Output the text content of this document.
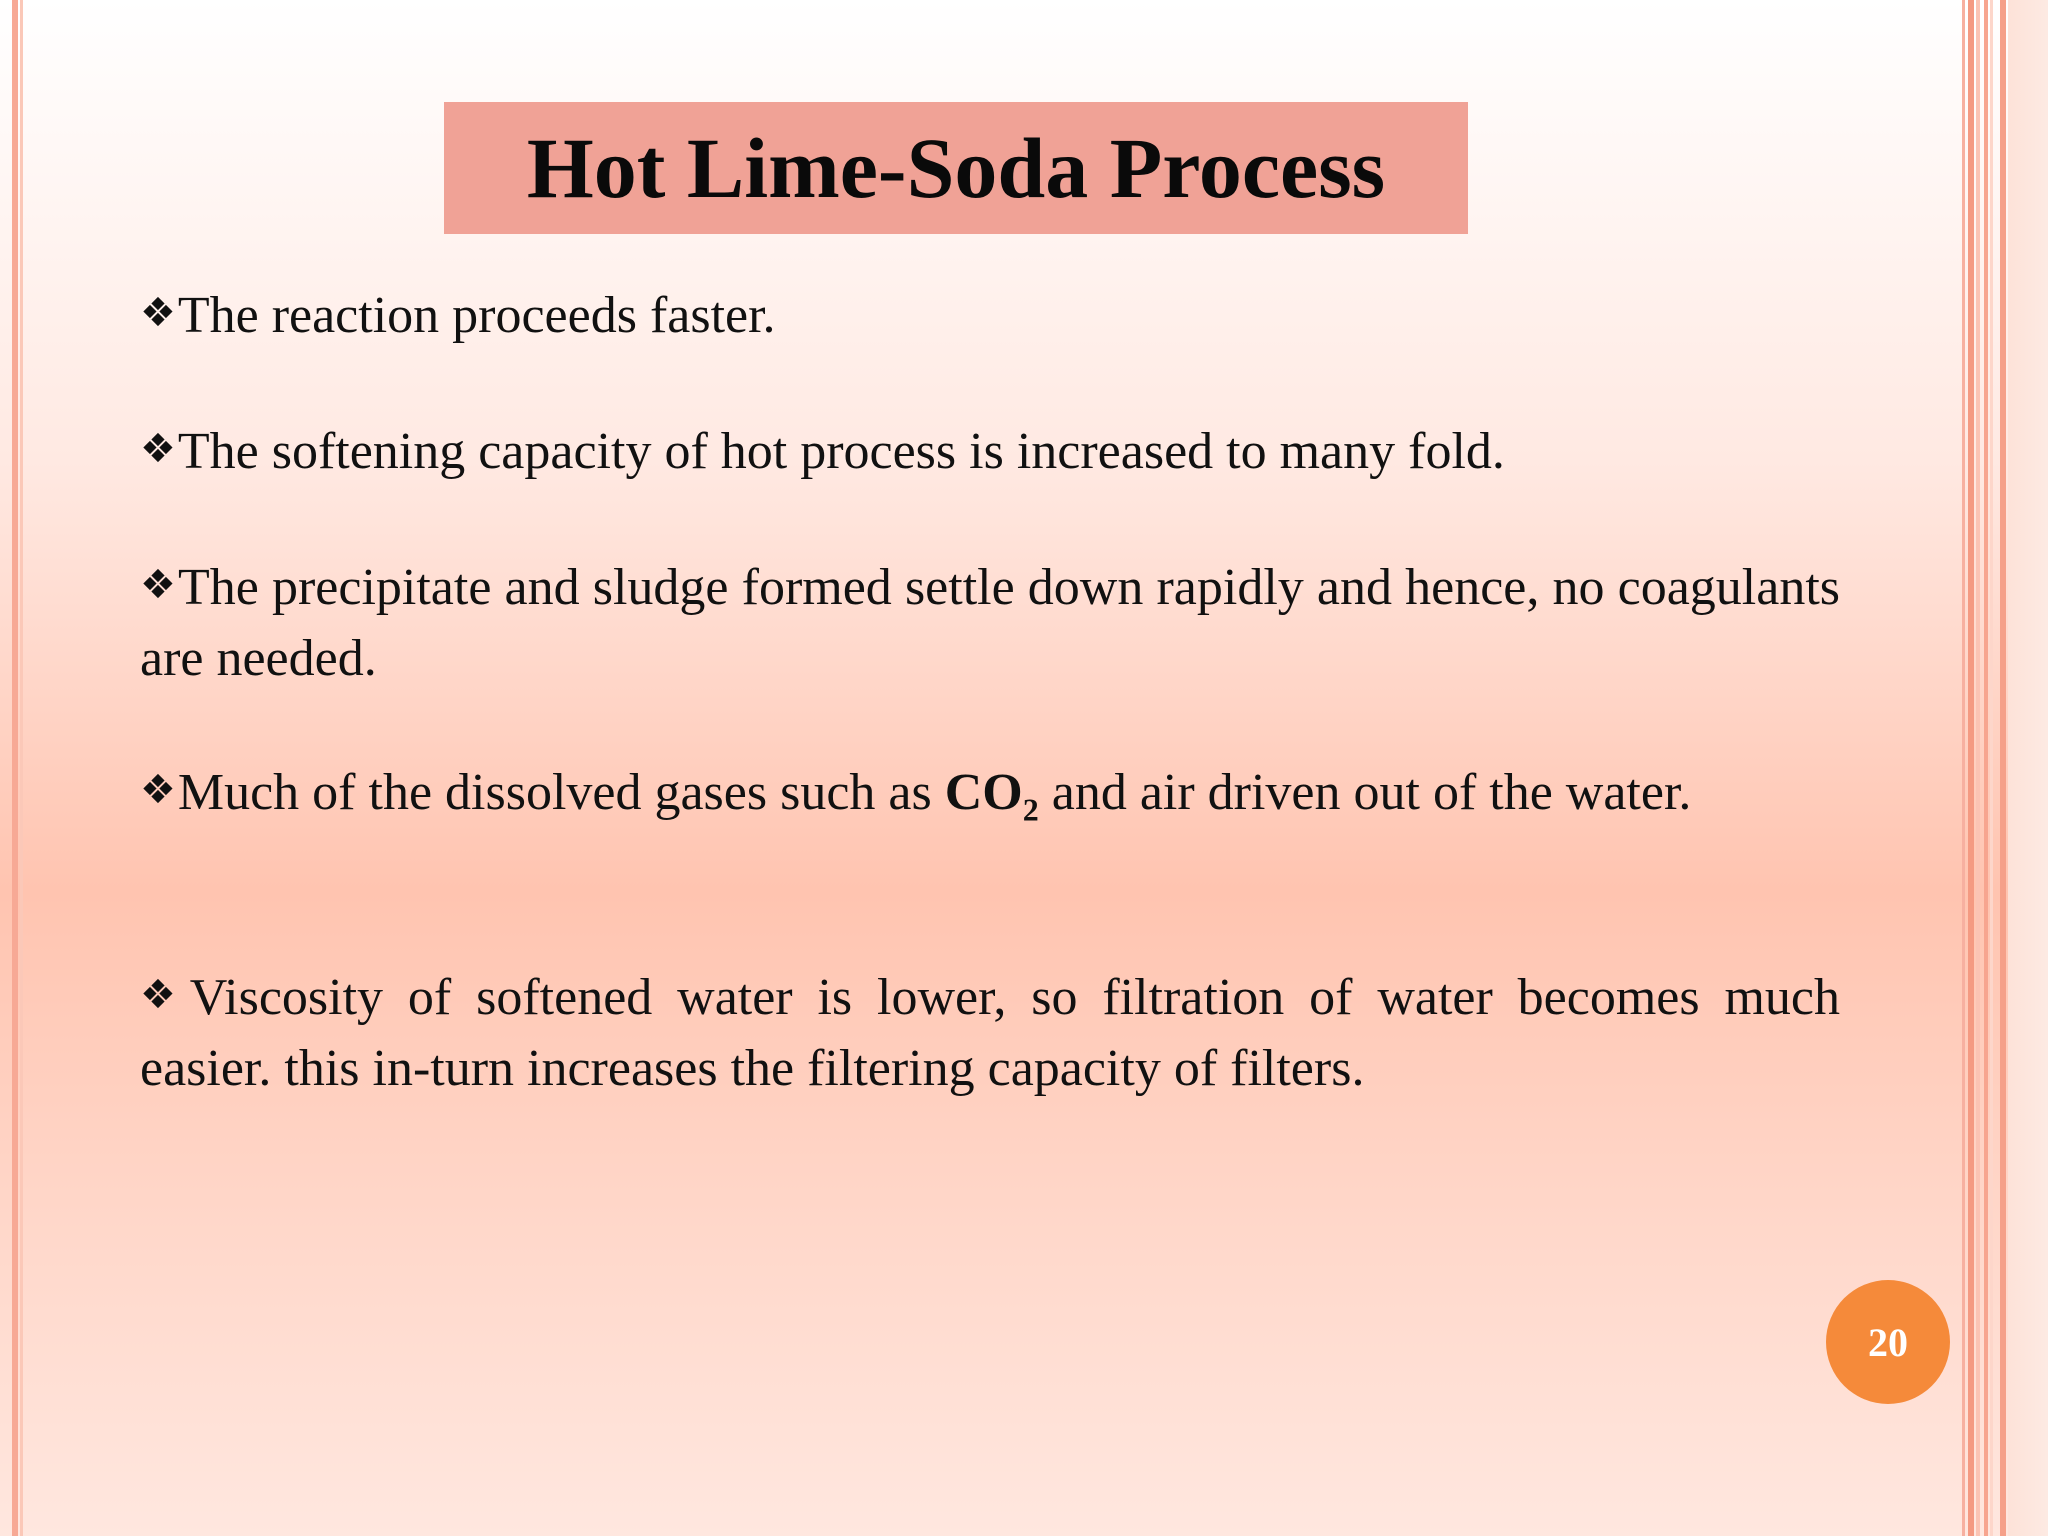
Hot Lime-Soda Process

❖The reaction proceeds faster.

❖The softening capacity of hot process is increased to many fold.

❖The precipitate and sludge formed settle down rapidly and hence, no coagulants are needed.

❖Much of the dissolved gases such as $CO_2$ and air driven out of the water.

❖Viscosity of softened water is lower, so filtration of water becomes much easier. this in-turn increases the filtering capacity of filters.

20
